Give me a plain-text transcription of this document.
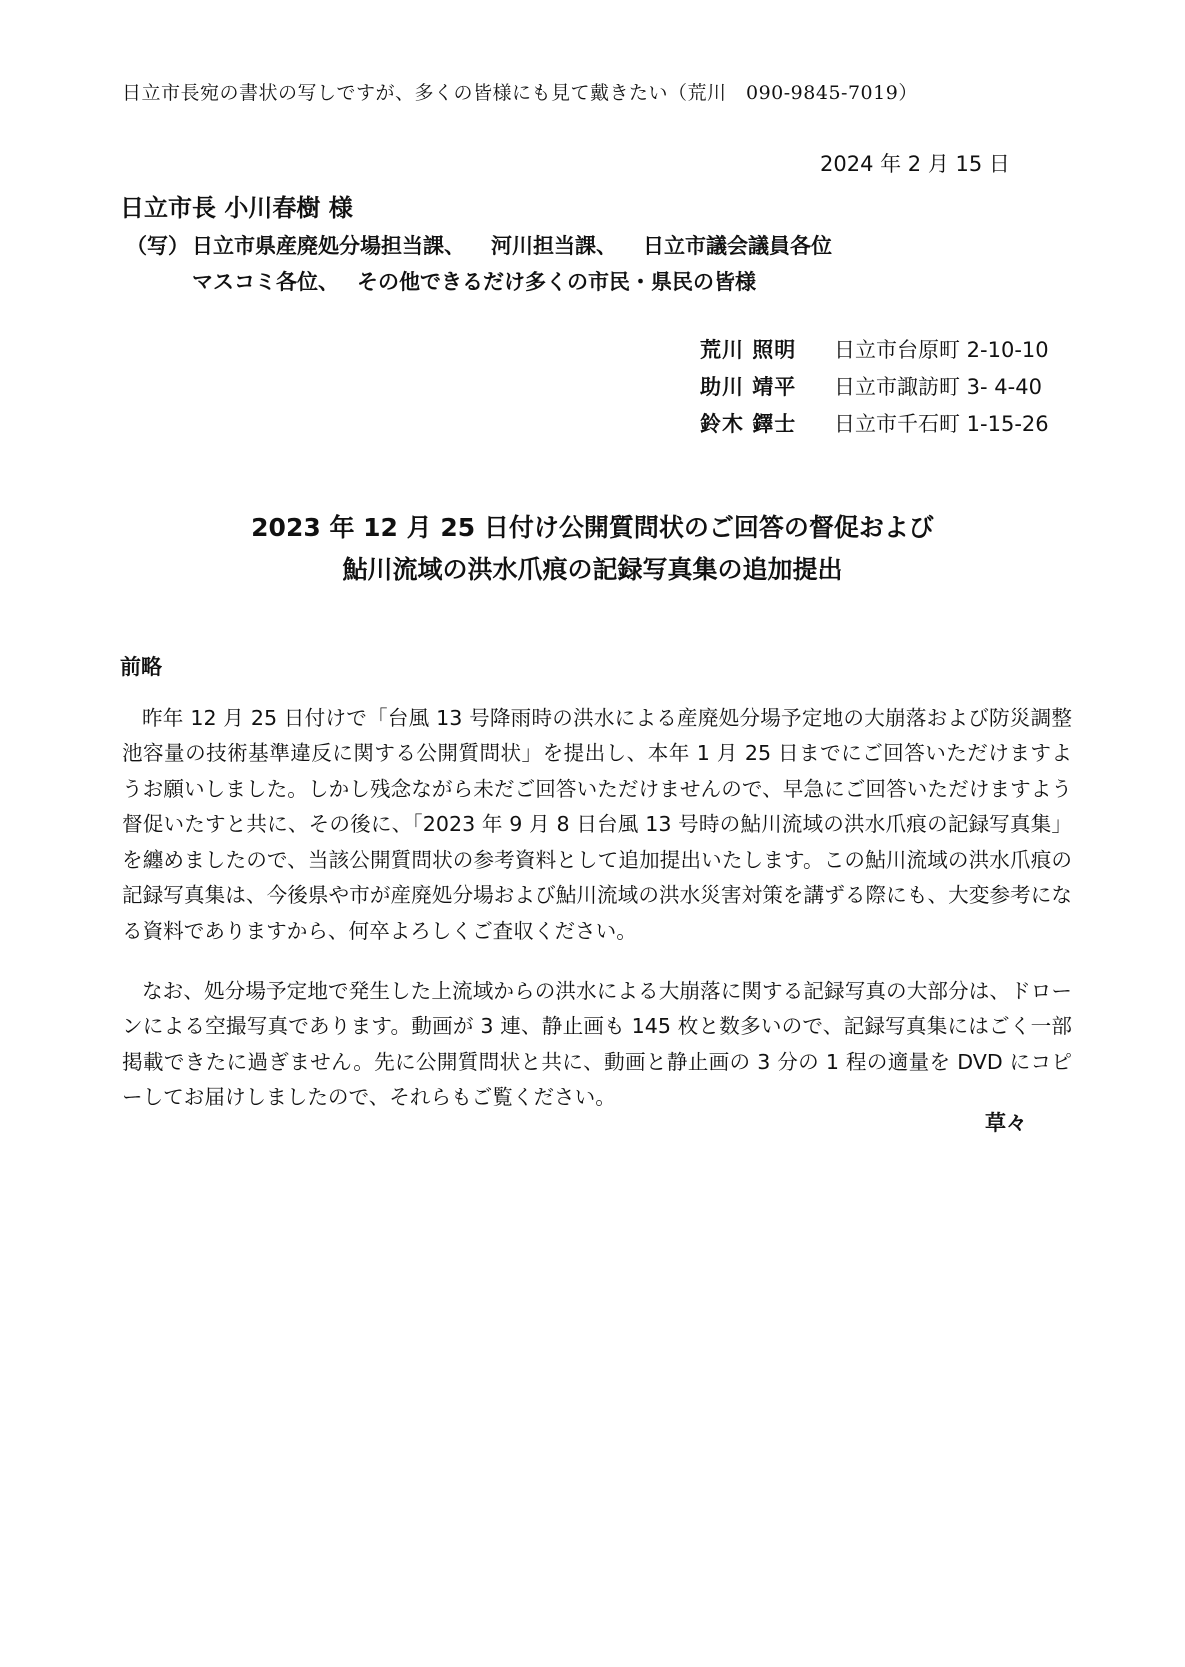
日立市長宛の書状の写しですが、多くの皆様にも見て戴きたい（荒川　090-9845-7019）
2024 年 2 月 15 日
日立市長 小川春樹 様
（写） 日立市県産廃処分場担当課、 河川担当課、 日立市議会議員各位
マスコミ各位、 その他できるだけ多くの市民・県民の皆様
荒川 照明 日立市台原町 2-10-10
助川 靖平 日立市諏訪町 3- 4-40
鈴木 鐸士 日立市千石町 1-15-26
2023 年 12 月 25 日付け公開質問状のご回答の督促および
鮎川流域の洪水爪痕の記録写真集の追加提出
前略

昨年 12 月 25 日付けで「台風 13 号降雨時の洪水による産廃処分場予定地の大崩落および防災調整池容量の技術基準違反に関する公開質問状」を提出し、本年 1 月 25 日までにご回答いただけますようお願いしました。しかし残念ながら未だご回答いただけませんので、早急にご回答いただけますよう督促いたすと共に、その後に、「2023 年 9 月 8 日台風 13 号時の鮎川流域の洪水爪痕の記録写真集」を纏めましたので、当該公開質問状の参考資料として追加提出いたします。この鮎川流域の洪水爪痕の記録写真集は、今後県や市が産廃処分場および鮎川流域の洪水災害対策を講ずる際にも、大変参考になる資料でありますから、何卒よろしくご査収ください。

なお、処分場予定地で発生した上流域からの洪水による大崩落に関する記録写真の大部分は、ドローンによる空撮写真であります。動画が 3 連、静止画も 145 枚と数多いので、記録写真集にはごく一部掲載できたに過ぎません。先に公開質問状と共に、動画と静止画の 3 分の 1 程の適量を DVD にコピーしてお届けしましたので、それらもご覧ください。

草々
